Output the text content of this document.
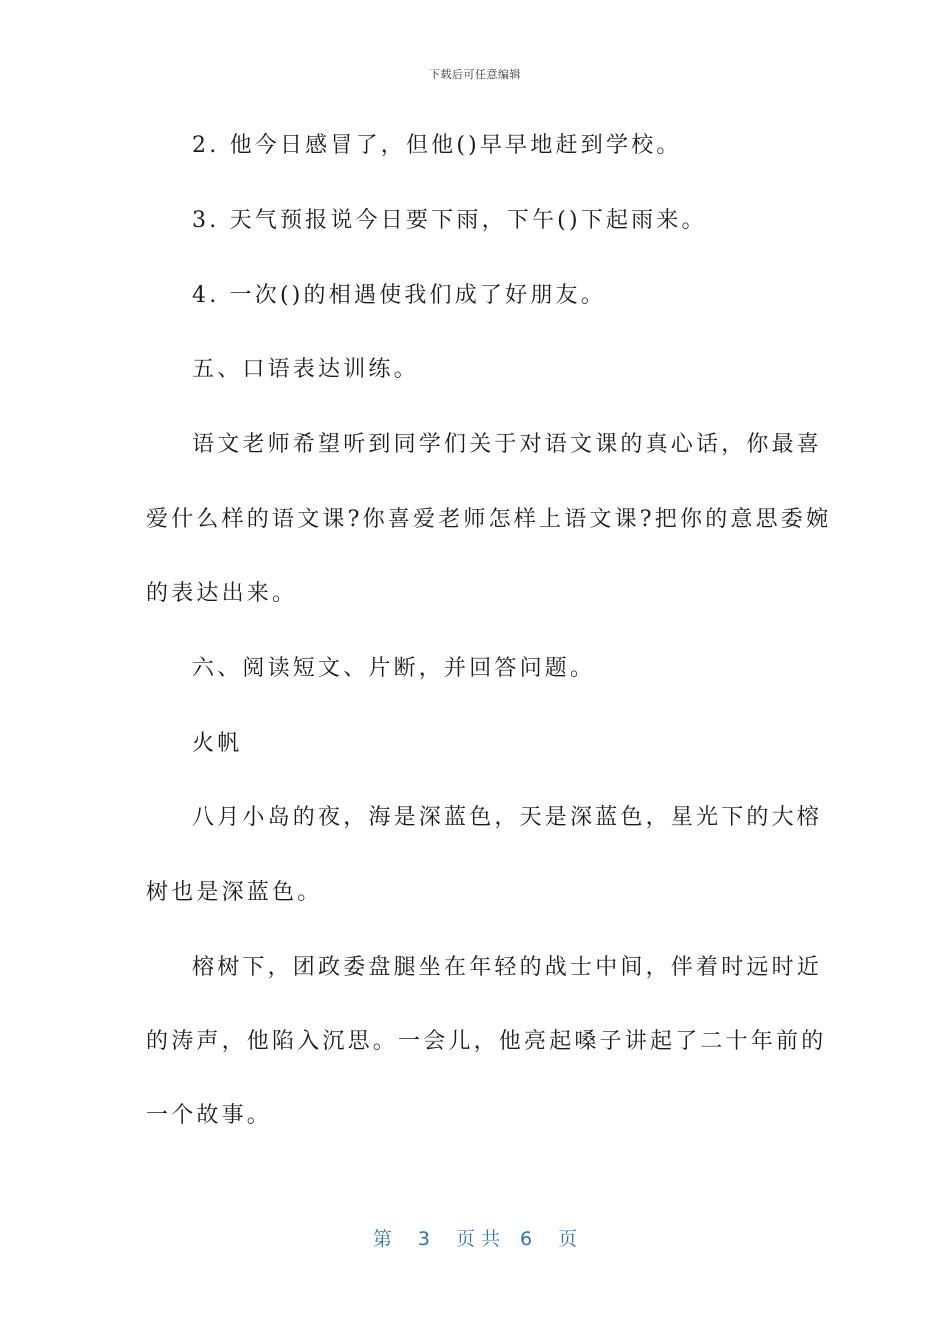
下载后可任意编辑
2. 他今日感冒了，但他()早早地赶到学校。
3. 天气预报说今日要下雨，下午()下起雨来。
4. 一次()的相遇使我们成了好朋友。
五、口语表达训练。
语文老师希望听到同学们关于对语文课的真心话，你最喜
爱什么样的语文课?你喜爱老师怎样上语文课?把你的意思委婉
的表达出来。
六、阅读短文、片断，并回答问题。
火帆
八月小岛的夜，海是深蓝色，天是深蓝色，星光下的大榕
树也是深蓝色。
榕树下，团政委盘腿坐在年轻的战士中间，伴着时远时近
的涛声，他陷入沉思。一会儿，他亮起嗓子讲起了二十年前的
一个故事。
第 3 页共 6 页
